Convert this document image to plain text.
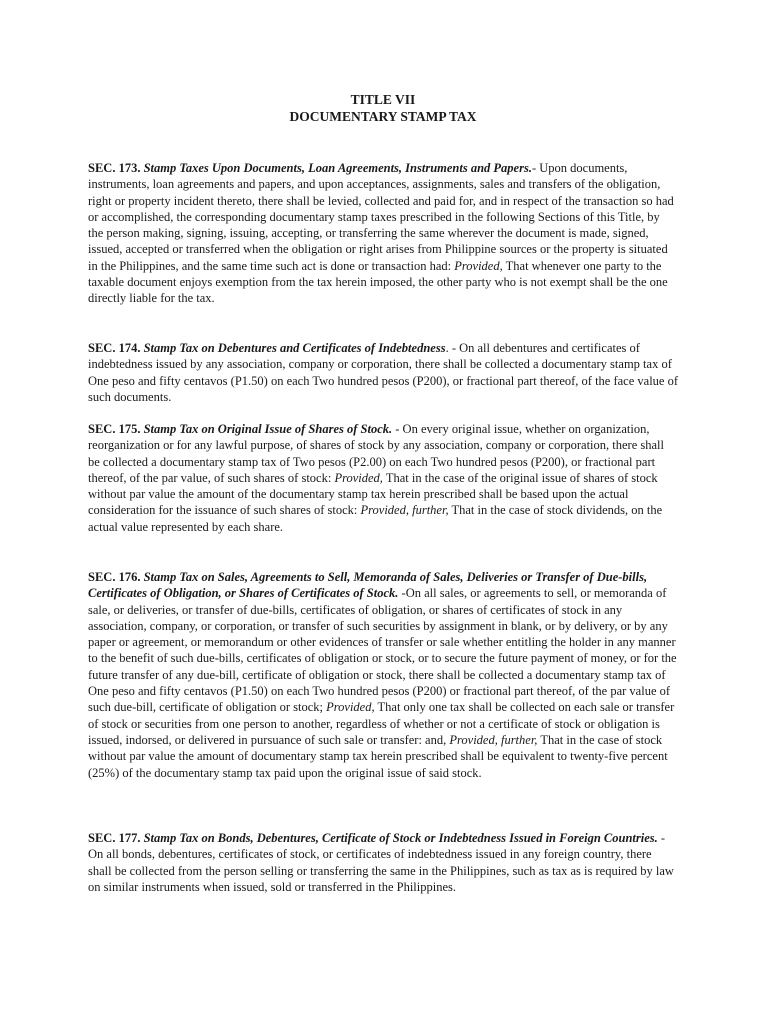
TITLE VII
DOCUMENTARY STAMP TAX

SEC. 173. Stamp Taxes Upon Documents, Loan Agreements, Instruments and Papers.- Upon documents, instruments, loan agreements and papers, and upon acceptances, assignments, sales and transfers of the obligation, right or property incident thereto, there shall be levied, collected and paid for, and in respect of the transaction so had or accomplished, the corresponding documentary stamp taxes prescribed in the following Sections of this Title, by the person making, signing, issuing, accepting, or transferring the same wherever the document is made, signed, issued, accepted or transferred when the obligation or right arises from Philippine sources or the property is situated in the Philippines, and the same time such act is done or transaction had: Provided, That whenever one party to the taxable document enjoys exemption from the tax herein imposed, the other party who is not exempt shall be the one directly liable for the tax.

SEC. 174. Stamp Tax on Debentures and Certificates of Indebtedness. - On all debentures and certificates of indebtedness issued by any association, company or corporation, there shall be collected a documentary stamp tax of One peso and fifty centavos (P1.50) on each Two hundred pesos (P200), or fractional part thereof, of the face value of such documents.

SEC. 175. Stamp Tax on Original Issue of Shares of Stock. - On every original issue, whether on organization, reorganization or for any lawful purpose, of shares of stock by any association, company or corporation, there shall be collected a documentary stamp tax of Two pesos (P2.00) on each Two hundred pesos (P200), or fractional part thereof, of the par value, of such shares of stock: Provided, That in the case of the original issue of shares of stock without par value the amount of the documentary stamp tax herein prescribed shall be based upon the actual consideration for the issuance of such shares of stock: Provided, further, That in the case of stock dividends, on the actual value represented by each share.

SEC. 176. Stamp Tax on Sales, Agreements to Sell, Memoranda of Sales, Deliveries or Transfer of Due-bills, Certificates of Obligation, or Shares of Certificates of Stock. -On all sales, or agreements to sell, or memoranda of sale, or deliveries, or transfer of due-bills, certificates of obligation, or shares of certificates of stock in any association, company, or corporation, or transfer of such securities by assignment in blank, or by delivery, or by any paper or agreement, or memorandum or other evidences of transfer or sale whether entitling the holder in any manner to the benefit of such due-bills, certificates of obligation or stock, or to secure the future payment of money, or for the future transfer of any due-bill, certificate of obligation or stock, there shall be collected a documentary stamp tax of One peso and fifty centavos (P1.50) on each Two hundred pesos (P200) or fractional part thereof, of the par value of such due-bill, certificate of obligation or stock; Provided, That only one tax shall be collected on each sale or transfer of stock or securities from one person to another, regardless of whether or not a certificate of stock or obligation is issued, indorsed, or delivered in pursuance of such sale or transfer: and, Provided, further, That in the case of stock without par value the amount of documentary stamp tax herein prescribed shall be equivalent to twenty-five percent (25%) of the documentary stamp tax paid upon the original issue of said stock.

SEC. 177. Stamp Tax on Bonds, Debentures, Certificate of Stock or Indebtedness Issued in Foreign Countries. - On all bonds, debentures, certificates of stock, or certificates of indebtedness issued in any foreign country, there shall be collected from the person selling or transferring the same in the Philippines, such as tax as is required by law on similar instruments when issued, sold or transferred in the Philippines.
